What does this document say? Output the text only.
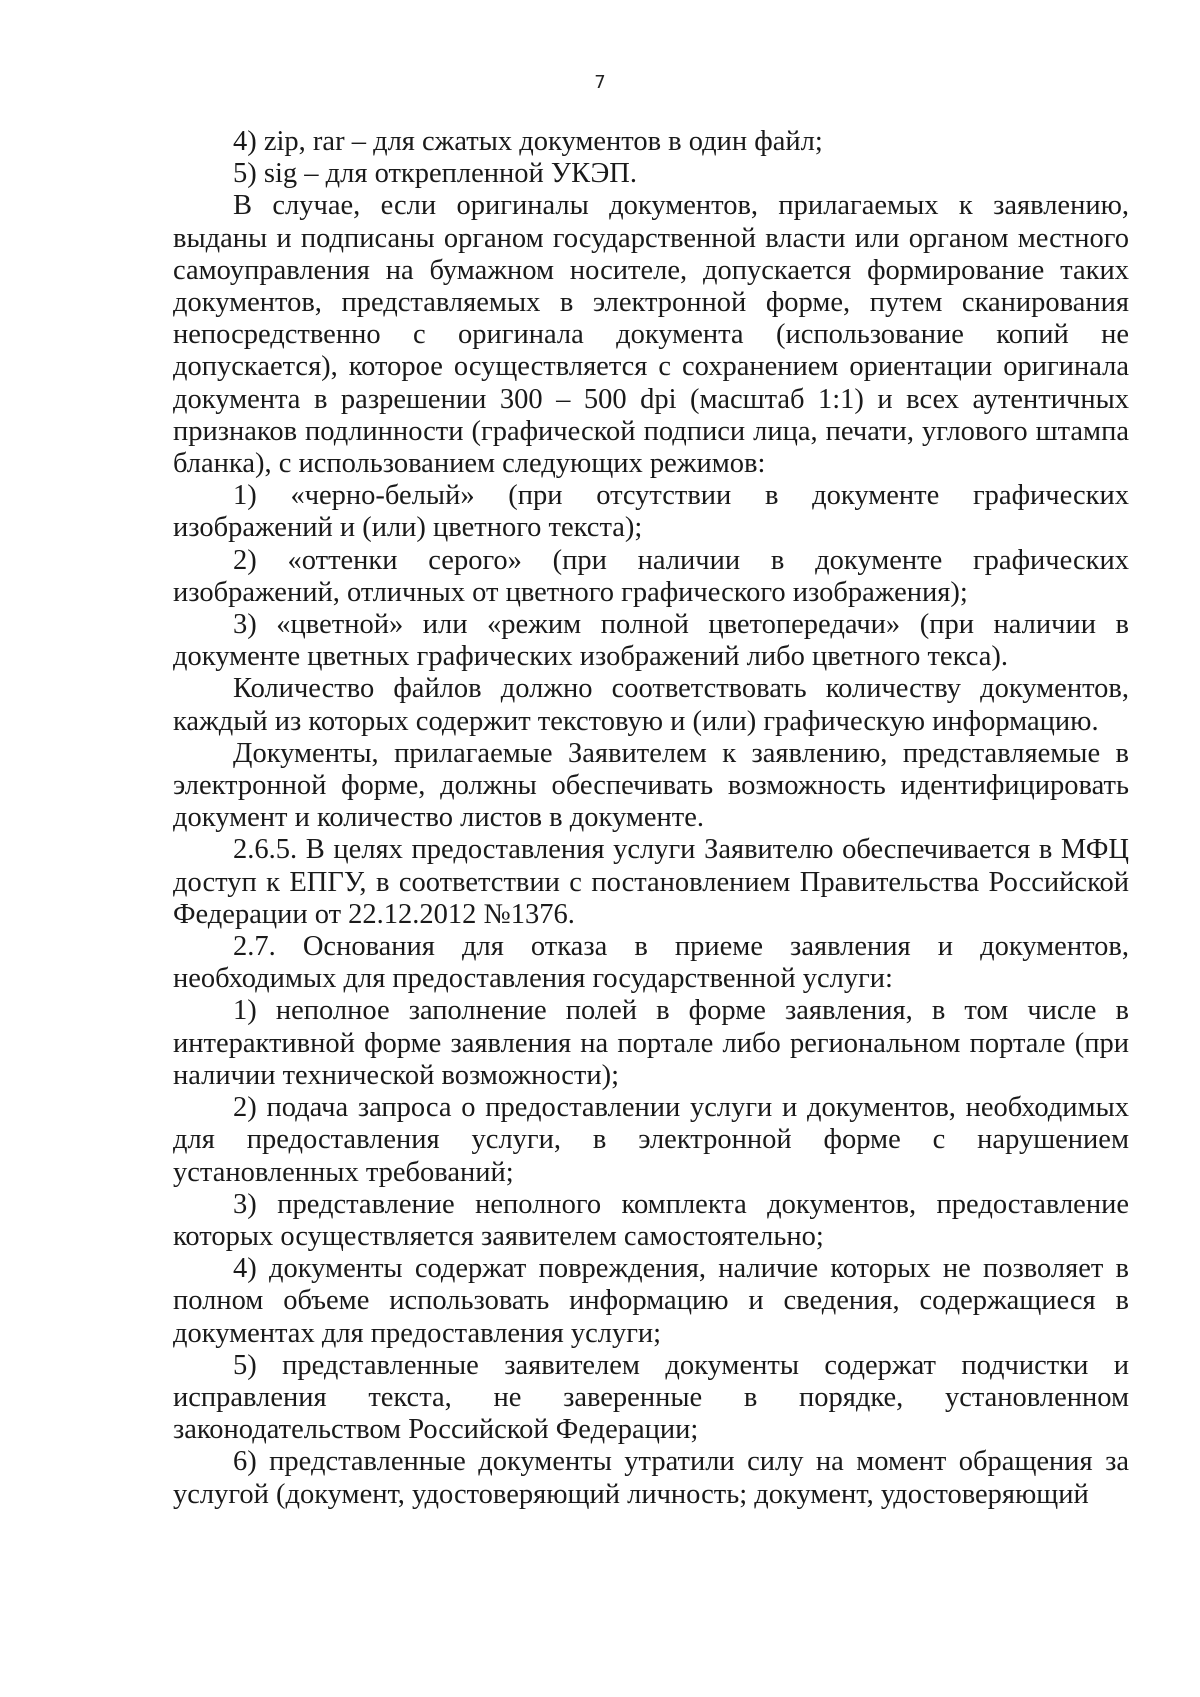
7

4) zip, rar – для сжатых документов в один файл;

5) sig – для открепленной УКЭП.

В случае, если оригиналы документов, прилагаемых к заявлению, выданы и подписаны органом государственной власти или органом местного самоуправления на бумажном носителе, допускается формирование таких документов, представляемых в электронной форме, путем сканирования непосредственно с оригинала документа (использование копий не допускается), которое осуществляется с сохранением ориентации оригинала документа в разрешении 300 – 500 dpi (масштаб 1:1) и всех аутентичных признаков подлинности (графической подписи лица, печати, углового штампа бланка), с использованием следующих режимов:

1) «черно-белый» (при отсутствии в документе графических изображений и (или) цветного текста);

2) «оттенки серого» (при наличии в документе графических изображений, отличных от цветного графического изображения);

3) «цветной» или «режим полной цветопередачи» (при наличии в документе цветных графических изображений либо цветного текса).

Количество файлов должно соответствовать количеству документов, каждый из которых содержит текстовую и (или) графическую информацию.

Документы, прилагаемые Заявителем к заявлению, представляемые в электронной форме, должны обеспечивать возможность идентифицировать документ и количество листов в документе.

2.6.5. В целях предоставления услуги Заявителю обеспечивается в МФЦ доступ к ЕПГУ, в соответствии с постановлением Правительства Российской Федерации от 22.12.2012 №1376.

2.7. Основания для отказа в приеме заявления и документов, необходимых для предоставления государственной услуги:

1) неполное заполнение полей в форме заявления, в том числе в интерактивной форме заявления на портале либо региональном портале (при наличии технической возможности);

2) подача запроса о предоставлении услуги и документов, необходимых для предоставления услуги, в электронной форме с нарушением установленных требований;

3) представление неполного комплекта документов, предоставление которых осуществляется заявителем самостоятельно;

4) документы содержат повреждения, наличие которых не позволяет в полном объеме использовать информацию и сведения, содержащиеся в документах для предоставления услуги;

5) представленные заявителем документы содержат подчистки и исправления текста, не заверенные в порядке, установленном законодательством Российской Федерации;

6) представленные документы утратили силу на момент обращения за услугой (документ, удостоверяющий личность; документ, удостоверяющий
